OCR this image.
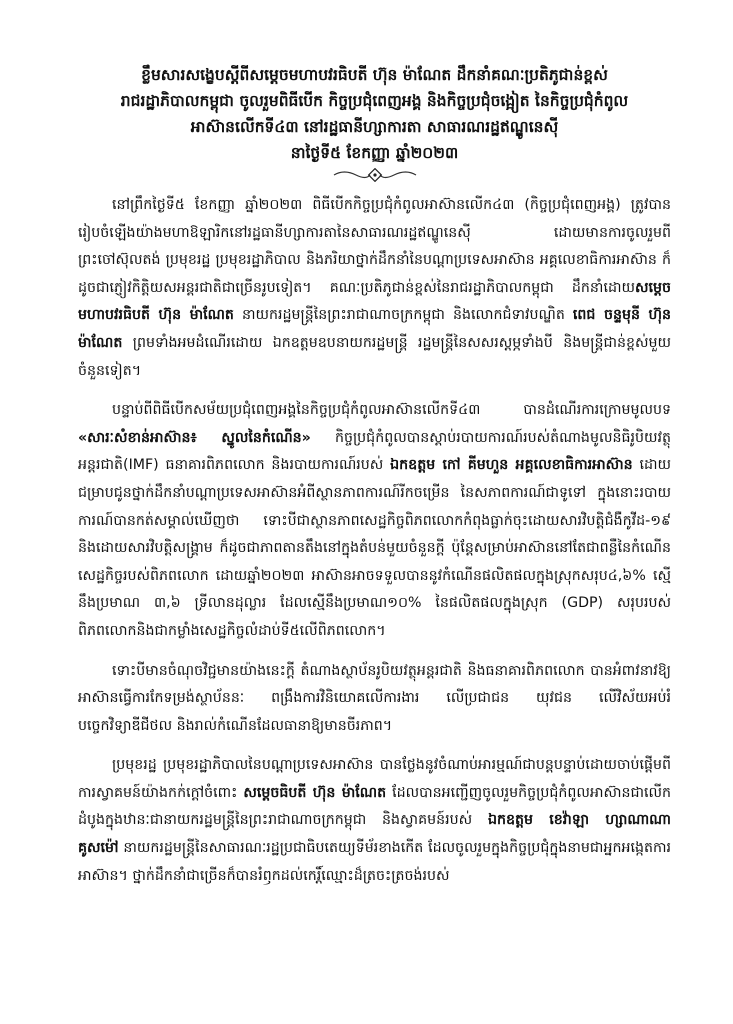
ខ្លឹមសារសង្ខេបស្តីពីសម្តេចមហាបវរធិបតី ហ៊ុន ម៉ាណែត ដឹកនាំគណៈប្រតិភូជាន់ខ្ពស់
រាជរដ្ឋាភិបាលកម្ពុជា ចូលរួមពិធីបើក កិច្ចប្រជុំពេញអង្គ និងកិច្ចប្រជុំចង្អៀត នៃកិច្ចប្រជុំកំពូល
អាស៊ានលើកទី៤៣ នៅរដ្ឋធានីហ្សាការតា សាធារណរដ្ឋឥណ្ឌូនេស៊ី
នាថ្ងៃទី៥ ខែកញ្ញា ឆ្នាំ២០២៣

នៅព្រឹកថ្ងៃទី៥ ខែកញ្ញា ឆ្នាំ២០២៣ ពិធីបើកកិច្ចប្រជុំកំពូលអាស៊ានលើក៤៣ (កិច្ចប្រជុំពេញអង្គ) ត្រូវបានរៀបចំឡើងយ៉ាងមហាឱឡារិកនៅរដ្ឋធានីហ្សាការតានៃសាធារណរដ្ឋឥណ្ឌូនេស៊ី ដោយមានការចូលរួមពីព្រះចៅស៊ុលតង់ ប្រមុខរដ្ឋ ប្រមុខរដ្ឋាភិបាល និងភរិយាថ្នាក់ដឹកនាំនៃបណ្តាប្រទេសអាស៊ាន អគ្គលេខាធិការអាស៊ាន ក៏ដូចជាភ្ញៀវកិត្តិយសអន្តរជាតិជាច្រើនរូបទៀត។ គណៈប្រតិភូជាន់ខ្ពស់នៃរាជរដ្ឋាភិបាលកម្ពុជា ដឹកនាំដោយសម្តេចមហាបវរធិបតី ហ៊ុន ម៉ាណែត នាយករដ្ឋមន្ត្រីនៃព្រះរាជាណាចក្រកម្ពុជា និងលោកជំទាវបណ្ឌិត ពេជ ចន្ទមុនី ហ៊ុនម៉ាណែត ព្រមទាំងអមដំណើរដោយ ឯកឧត្តមឧបនាយករដ្ឋមន្ត្រី រដ្ឋមន្ត្រីនៃសសរស្តម្ភទាំងបី និងមន្ត្រីជាន់ខ្ពស់មួយចំនួនទៀត។

បន្ទាប់ពីពិធីបើកសម័យប្រជុំពេញអង្គនៃកិច្ចប្រជុំកំពូលអាស៊ានលើកទី៤៣ បានដំណើរការក្រោមមូលបទ «សារៈសំខាន់អាស៊ាន៖ ស្នូលនៃកំណើន» កិច្ចប្រជុំកំពូលបានស្តាប់របាយការណ៍របស់តំណាងមូលនិធិរូបិយវត្ថុអន្តរជាតិ(IMF) ធនាគារពិភពលោក និងរបាយការណ៍របស់ ឯកឧត្តម កៅ គីមហួន អគ្គលេខាធិការអាស៊ាន ដោយជម្រាបជូនថ្នាក់ដឹកនាំបណ្តាប្រទេសអាស៊ានអំពីស្ថានភាពការណ៍រីកចម្រើន នៃសភាពការណ៍ជាទូទៅ ក្នុងនោះរបាយការណ៍បានកត់សម្គាល់ឃើញថា ទោះបីជាស្ថានភាពសេដ្ឋកិច្ចពិភពលោកកំពុងធ្លាក់ចុះដោយសារវិបត្តិជំងឺកូវីដ-១៩ និងដោយសារវិបត្តិសង្គ្រាម ក៏ដូចជាភាពតានតឹងនៅក្នុងតំបន់មួយចំនួនក្តី ប៉ុន្តែសម្រាប់អាស៊ាននៅតែជាពន្លឺនៃកំណើនសេដ្ឋកិច្ចរបស់ពិភពលោក ដោយឆ្នាំ២០២៣ អាស៊ានអាចទទួលបាននូវកំណើនផលិតផលក្នុងស្រុកសរុប៤,៦% ស្មើនឹងប្រមាណ ៣,៦ ទ្រីលានដុល្លារ ដែលស្មើនឹងប្រមាណ១០% នៃផលិតផលក្នុងស្រុក (GDP) សរុបរបស់ពិភពលោកនិងជាកម្លាំងសេដ្ឋកិច្ចលំដាប់ទី៥លើពិភពលោក។

ទោះបីមានចំណុចវិជ្ជមានយ៉ាងនេះក្តី តំណាងស្ថាប័នរូបិយវត្ថុអន្តរជាតិ និងធនាគារពិភពលោក បានអំពាវនាវឱ្យអាស៊ានធ្វើការកែទម្រង់ស្ថាប័ននៈ ពង្រឹងការវិនិយោគលើការងារ លើប្រជាជន យុវជន លើវិស័យអប់រំ បច្ចេកវិទ្យាឌីជីថល និងរាល់កំណើនដែលធានាឱ្យមានចីរភាព។

ប្រមុខរដ្ឋ ប្រមុខរដ្ឋាភិបាលនៃបណ្តាប្រទេសអាស៊ាន បានថ្លែងនូវចំណាប់អារម្មណ៍ជាបន្តបន្ទាប់ដោយចាប់ផ្តើមពីការស្វាគមន៍យ៉ាងកក់ក្តៅចំពោះ សម្តេចធិបតី ហ៊ុន ម៉ាណែត ដែលបានអញ្ជើញចូលរួមកិច្ចប្រជុំកំពូលអាស៊ានជាលើកដំបូងក្នុងឋានៈជានាយករដ្ឋមន្ត្រីនៃព្រះរាជាណាចក្រកម្ពុជា និងស្វាគមន៍របស់ ឯកឧត្តម ខេវ៉ាឡា ហ្សាណាណា គូសម៉ៅ នាយករដ្ឋមន្ត្រីនៃសាធារណៈរដ្ឋប្រជាធិបតេយ្យទីម័រខាងកើត ដែលចូលរួមក្នុងកិច្ចប្រជុំក្នុងនាមជាអ្នកអង្កេតការអាស៊ាន។ ថ្នាក់ដឹកនាំជាច្រើនក៏បានរំឭកដល់កេរ្តិ៍ឈ្មោះដ៏ត្រចះត្រចង់របស់
